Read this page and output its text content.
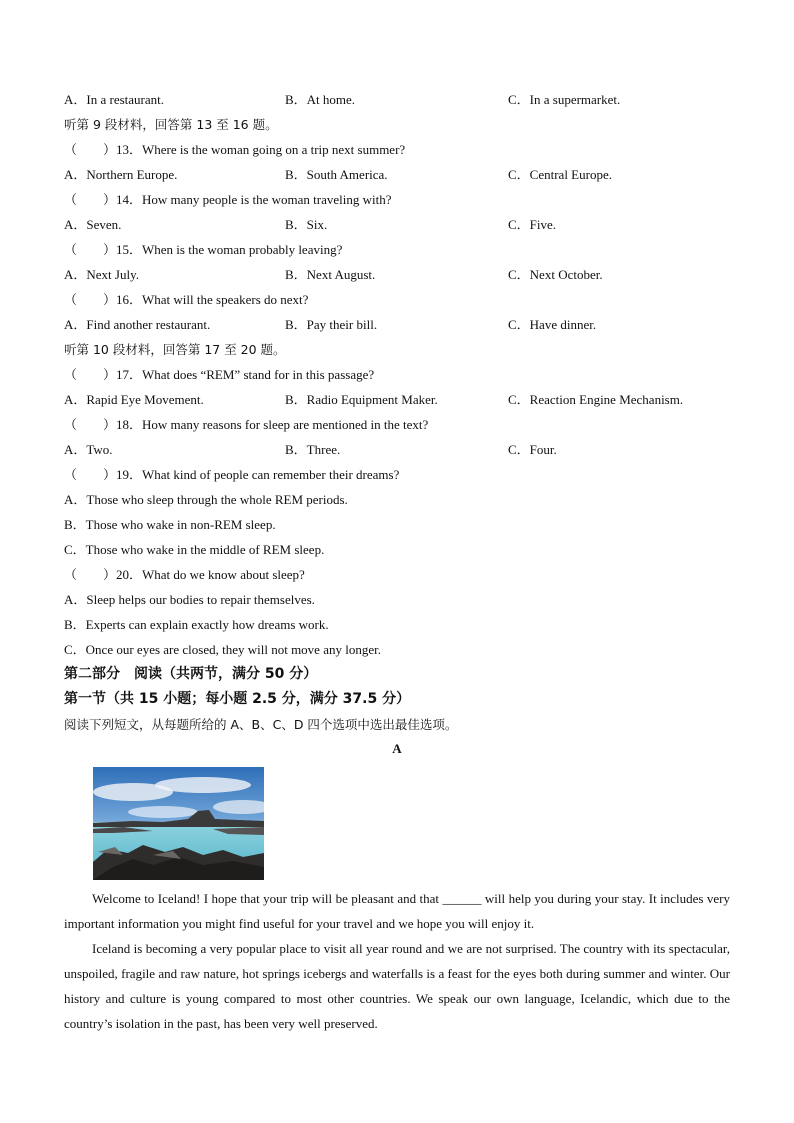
A．In a restaurant.	B．At home.	C．In a supermarket.
听第 9 段材料，回答第 13 至 16 题。
（　　）13．Where is the woman going on a trip next summer?
A．Northern Europe.	B．South America.	C．Central Europe.
（　　）14．How many people is the woman traveling with?
A．Seven.	B．Six.	C．Five.
（　　）15．When is the woman probably leaving?
A．Next July.	B．Next August.	C．Next October.
（　　）16．What will the speakers do next?
A．Find another restaurant.	B．Pay their bill.	C．Have dinner.
听第 10 段材料，回答第 17 至 20 题。
（　　）17．What does “REM” stand for in this passage?
A．Rapid Eye Movement.	B．Radio Equipment Maker.	C．Reaction Engine Mechanism.
（　　）18．How many reasons for sleep are mentioned in the text?
A．Two.	B．Three.	C．Four.
（　　）19．What kind of people can remember their dreams?
A．Those who sleep through the whole REM periods.
B．Those who wake in non-REM sleep.
C．Those who wake in the middle of REM sleep.
（　　）20．What do we know about sleep?
A．Sleep helps our bodies to repair themselves.
B．Experts can explain exactly how dreams work.
C．Once our eyes are closed, they will not move any longer.
第二部分　阅读（共两节，满分 50 分）
第一节（共 15 小题；每小题 2.5 分，满分 37.5 分）
阅读下列短文，从每题所给的 A、B、C、D 四个选项中选出最佳选项。
A
Welcome to Iceland! I hope that your trip will be pleasant and that ______ will help you during your stay. It includes very important information you might find useful for your travel and we hope you will enjoy it.
Iceland is becoming a very popular place to visit all year round and we are not surprised. The country with its spectacular, unspoiled, fragile and raw nature, hot springs icebergs and waterfalls is a feast for the eyes both during summer and winter. Our history and culture is young compared to most other countries. We speak our own language, Icelandic, which due to the country’s isolation in the past, has been very well preserved.
